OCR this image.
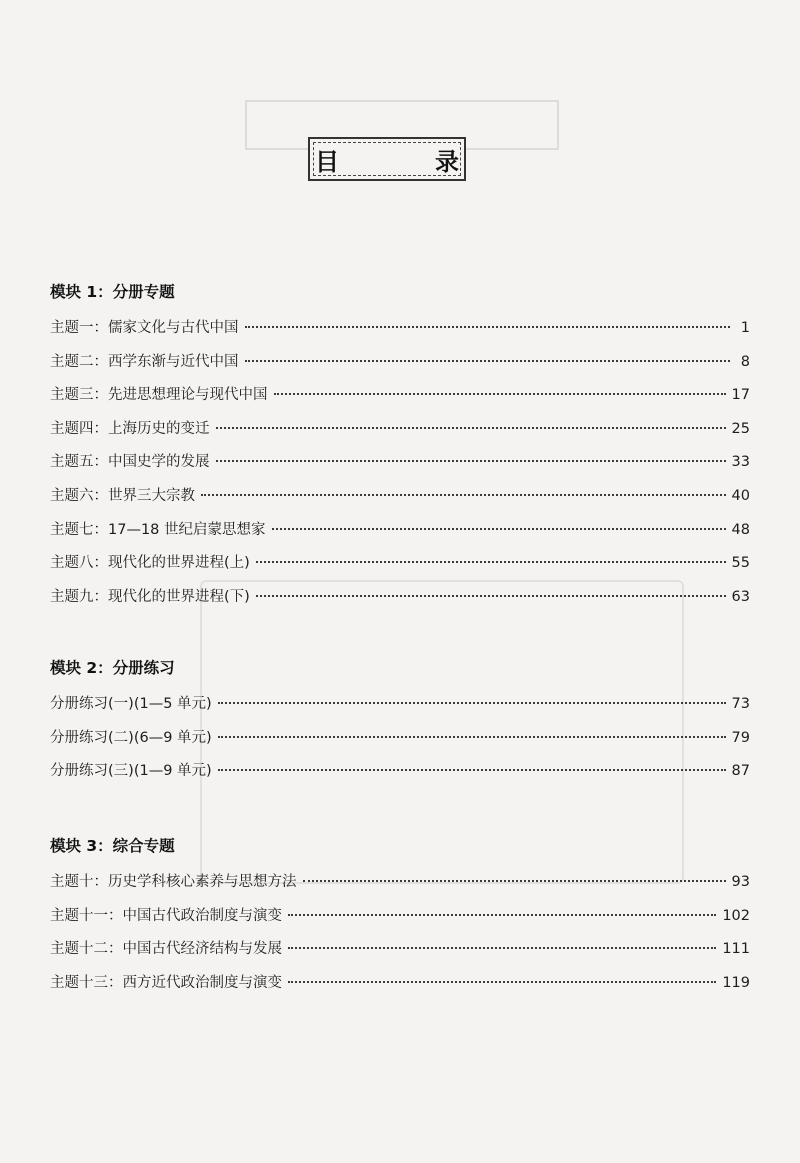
目　录
模块 1：分册专题
主题一：儒家文化与古代中国	1
主题二：西学东渐与近代中国	8
主题三：先进思想理论与现代中国	17
主题四：上海历史的变迁	25
主题五：中国史学的发展	33
主题六：世界三大宗教	40
主题七：17—18 世纪启蒙思想家	48
主题八：现代化的世界进程(上)	55
主题九：现代化的世界进程(下)	63
模块 2：分册练习
分册练习(一)(1—5 单元)	73
分册练习(二)(6—9 单元)	79
分册练习(三)(1—9 单元)	87
模块 3：综合专题
主题十：历史学科核心素养与思想方法	93
主题十一：中国古代政治制度与演变	102
主题十二：中国古代经济结构与发展	111
主题十三：西方近代政治制度与演变	119
